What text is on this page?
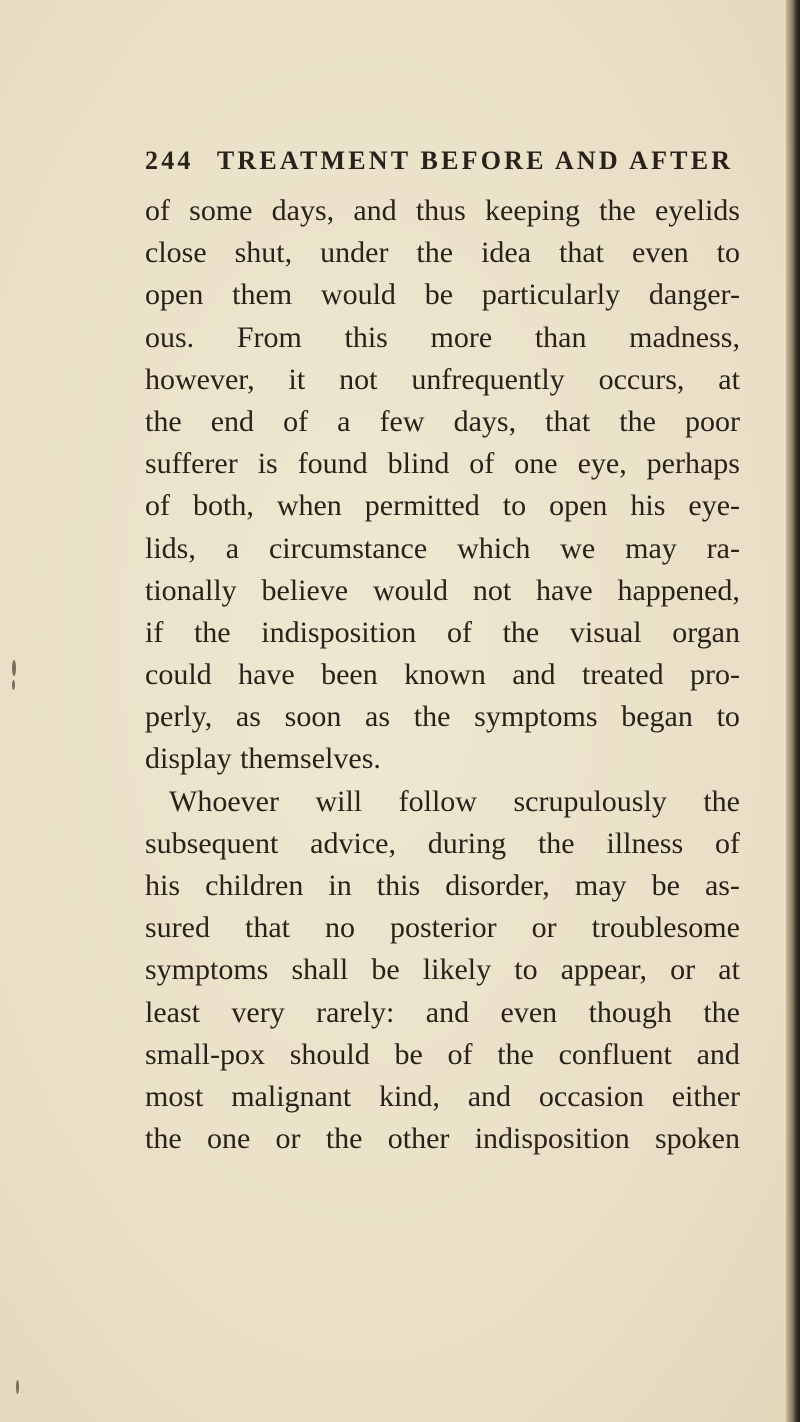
244 TREATMENT BEFORE AND AFTER
of some days, and thus keeping the eyelids
close shut, under the idea that even to
open them would be particularly danger-
ous. From this more than madness,
however, it not unfrequently occurs, at
the end of a few days, that the poor
sufferer is found blind of one eye, perhaps
of both, when permitted to open his eye-
lids, a circumstance which we may ra-
tionally believe would not have happened,
if the indisposition of the visual organ
could have been known and treated pro-
perly, as soon as the symptoms began to
display themselves.
Whoever will follow scrupulously the
subsequent advice, during the illness of
his children in this disorder, may be as-
sured that no posterior or troublesome
symptoms shall be likely to appear, or at
least very rarely: and even though the
small-pox should be of the confluent and
most malignant kind, and occasion either
the one or the other indisposition spoken
